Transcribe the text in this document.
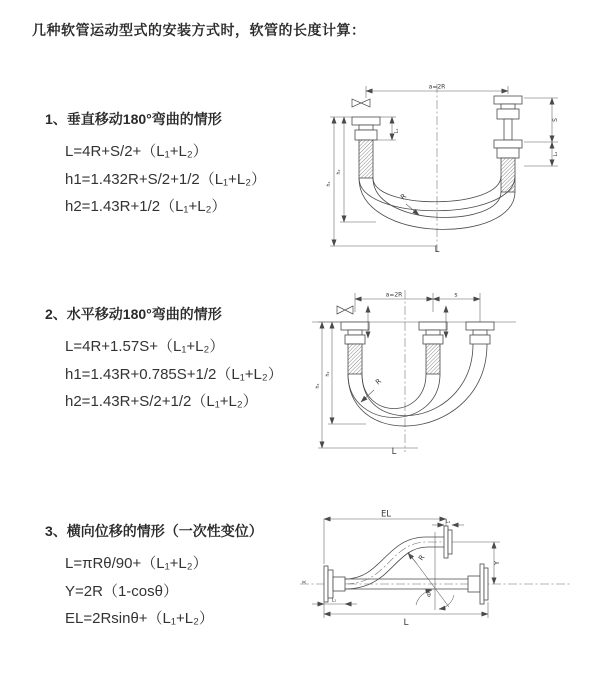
几种软管运动型式的安装方式时，软管的长度计算：
1、垂直移动180°弯曲的情形

L=4R+S/2+（L₁+L₂）

h1=1.432R+S/2+1/2（L₁+L₂）

h2=1.43R+1/2（L₁+L₂）

a=2R
L₁
S
L₂
h₁
h₂
R
L
2、水平移动180°弯曲的情形

L=4R+1.57S+（L₁+L₂）

h1=1.43R+0.785S+1/2（L₁+L₂）

h2=1.43R+S/2+1/2（L₁+L₂）

a=2R	s
h₁
h₂
R
L
3、横向位移的情形（一次性变位）

L=πRθ/90+（L₁+L₂）

Y=2R（1-cosθ）

EL=2Rsinθ+（L₁+L₂）

X
EL
L₁
Y
L₁
L
R
θ
